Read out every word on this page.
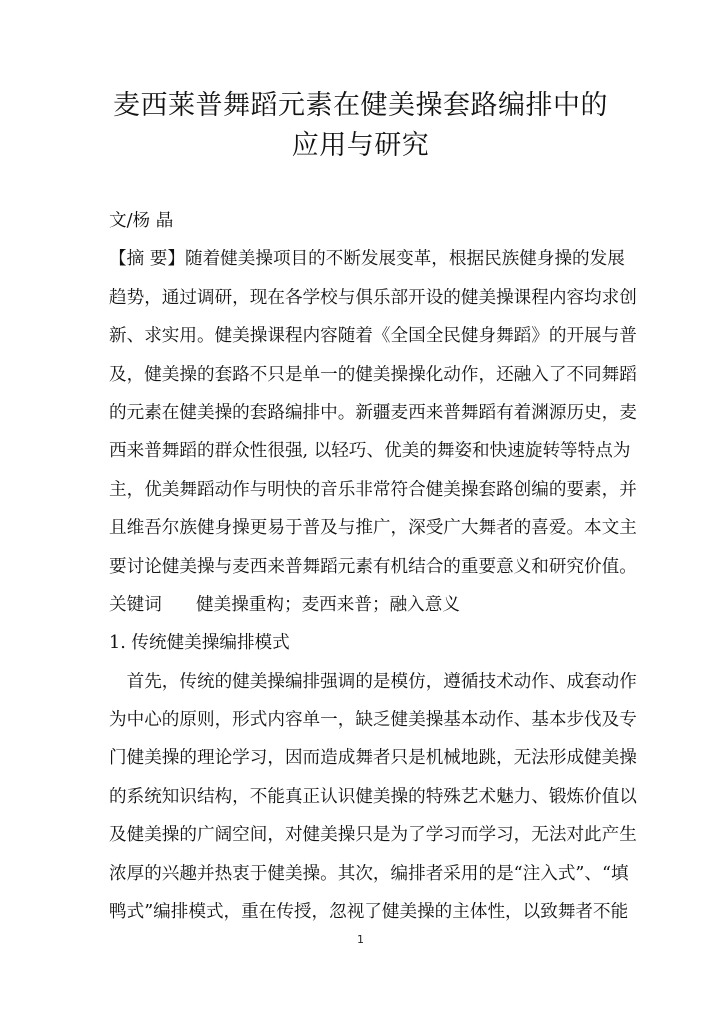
麦西莱普舞蹈元素在健美操套路编排中的
应用与研究
文/杨 晶
【摘 要】随着健美操项目的不断发展变革，根据民族健身操的发展
趋势，通过调研，现在各学校与俱乐部开设的健美操课程内容均求创
新、求实用。健美操课程内容随着《全国全民健身舞蹈》的开展与普
及，健美操的套路不只是单一的健美操操化动作，还融入了不同舞蹈
的元素在健美操的套路编排中。新疆麦西来普舞蹈有着渊源历史，麦
西来普舞蹈的群众性很强, 以轻巧、优美的舞姿和快速旋转等特点为
主，优美舞蹈动作与明快的音乐非常符合健美操套路创编的要素，并
且维吾尔族健身操更易于普及与推广，深受广大舞者的喜爱。本文主
要讨论健美操与麦西来普舞蹈元素有机结合的重要意义和研究价值。
关键词 健美操重构；麦西来普；融入意义
1. 传统健美操编排模式
　首先，传统的健美操编排强调的是模仿，遵循技术动作、成套动作
为中心的原则，形式内容单一，缺乏健美操基本动作、基本步伐及专
门健美操的理论学习，因而造成舞者只是机械地跳，无法形成健美操
的系统知识结构，不能真正认识健美操的特殊艺术魅力、锻炼价值以
及健美操的广阔空间，对健美操只是为了学习而学习，无法对此产生
浓厚的兴趣并热衷于健美操。其次，编排者采用的是“注入式”、“填
鸭式”编排模式，重在传授，忽视了健美操的主体性，以致舞者不能
1
